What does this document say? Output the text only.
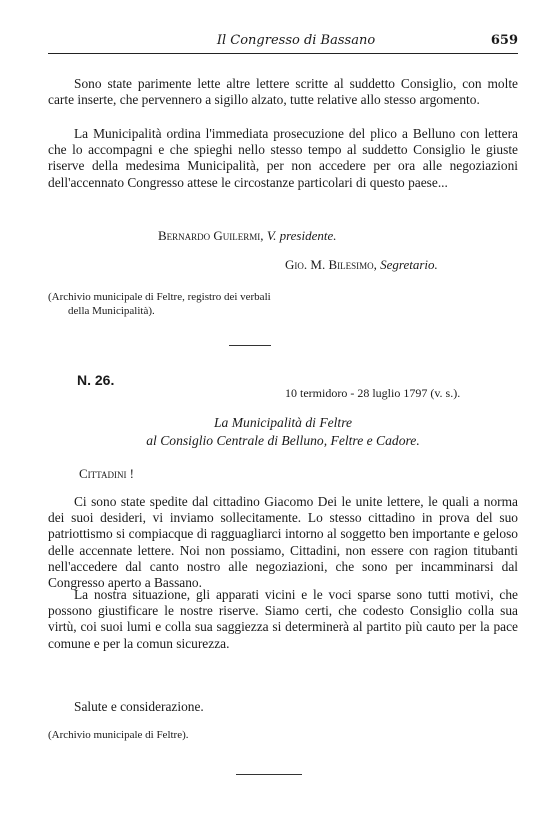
Il Congresso di Bassano	659

Sono state parimente lette altre lettere scritte al suddetto Consiglio, con molte carte inserte, che pervennero a sigillo alzato, tutte relative allo stesso argomento.

La Municipalità ordina l'immediata prosecuzione del plico a Belluno con lettera che lo accompagni e che spieghi nello stesso tempo al suddetto Consiglio le giuste riserve della medesima Municipalità, per non accedere per ora alle negoziazioni dell'accennato Congresso attese le circostanze particolari di questo paese...

Bernardo Guilermi, V. presidente.
Gio. M. Bilesimo, Segretario.
(Archivio municipale di Feltre, registro dei verbali
della Municipalità).
N. 26.
10 termidoro - 28 luglio 1797 (v. s.).
La Municipalità di Feltre
al Consiglio Centrale di Belluno, Feltre e Cadore.
Cittadini !

Ci sono state spedite dal cittadino Giacomo Dei le unite lettere, le quali a norma dei suoi desideri, vi inviamo sollecitamente. Lo stesso cittadino in prova del suo patriottismo si compiacque di ragguagliarci intorno al soggetto ben importante e geloso delle accennate lettere. Noi non possiamo, Cittadini, non essere con ragion titubanti nell'accedere dal canto nostro alle negoziazioni, che sono per incamminarsi dal Congresso aperto a Bassano.

La nostra situazione, gli apparati vicini e le voci sparse sono tutti motivi, che possono giustificare le nostre riserve. Siamo certi, che codesto Consiglio colla sua virtù, coi suoi lumi e colla sua saggiezza si determinerà al partito più cauto per la pace comune e per la comun sicurezza.

Salute e considerazione.

(Archivio municipale di Feltre).
